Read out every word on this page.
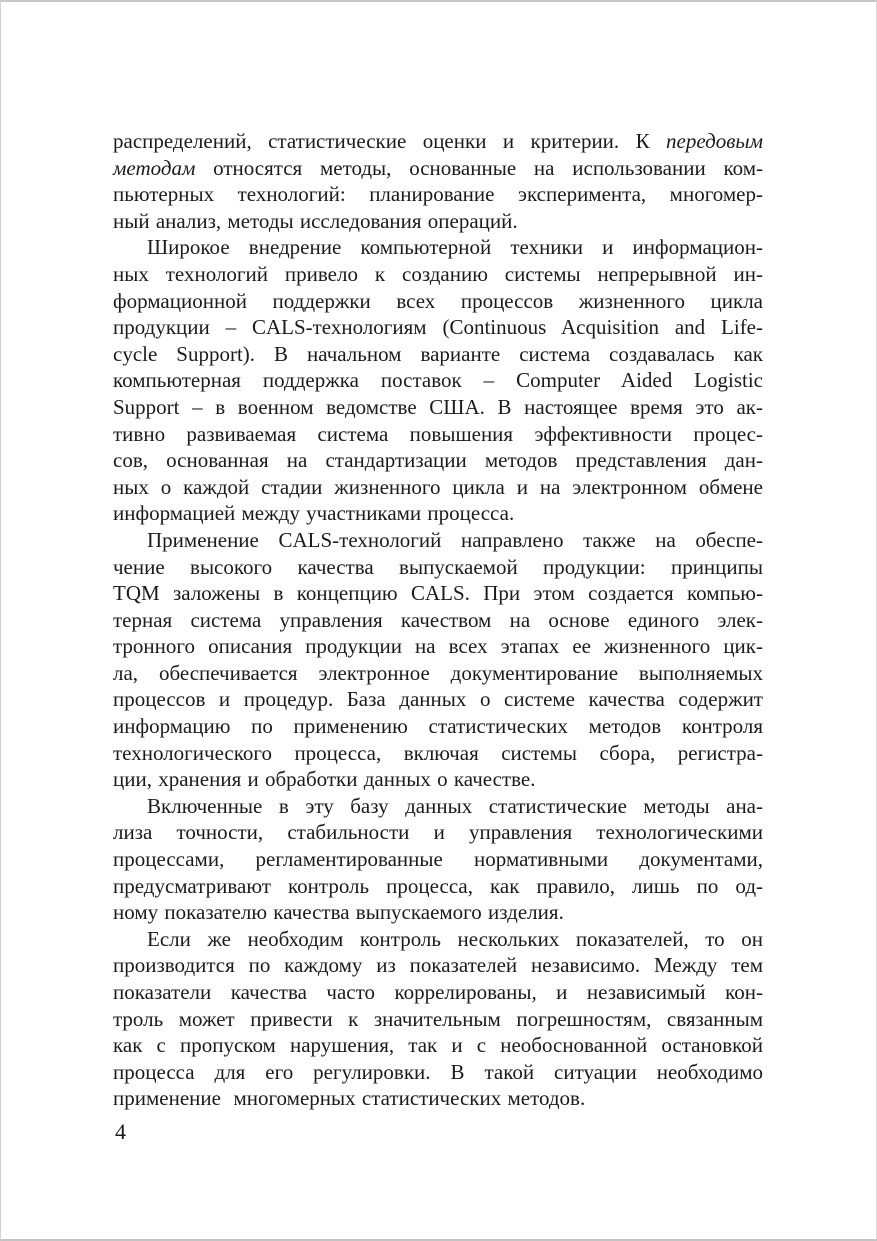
распределений, статистические оценки и критерии. К передовым
методам относятся методы, основанные на использовании ком-
пьютерных технологий: планирование эксперимента, многомер-
ный анализ, методы исследования операций.
Широкое внедрение компьютерной техники и информацион-
ных технологий привело к созданию системы непрерывной ин-
формационной поддержки всех процессов жизненного цикла
продукции – CALS-технологиям (Continuous Acquisition and Life-
cycle Support). В начальном варианте система создавалась как
компьютерная поддержка поставок – Computer Aided Logistic
Support – в военном ведомстве США. В настоящее время это ак-
тивно развиваемая система повышения эффективности процес-
сов, основанная на стандартизации методов представления дан-
ных о каждой стадии жизненного цикла и на электронном обмене
информацией между участниками процесса.
Применение CALS-технологий направлено также на обеспе-
чение высокого качества выпускаемой продукции: принципы
TQM заложены в концепцию CALS. При этом создается компью-
терная система управления качеством на основе единого элек-
тронного описания продукции на всех этапах ее жизненного цик-
ла, обеспечивается электронное документирование выполняемых
процессов и процедур. База данных о системе качества содержит
информацию по применению статистических методов контроля
технологического процесса, включая системы сбора, регистра-
ции, хранения и обработки данных о качестве.
Включенные в эту базу данных статистические методы ана-
лиза точности, стабильности и управления технологическими
процессами, регламентированные нормативными документами,
предусматривают контроль процесса, как правило, лишь по од-
ному показателю качества выпускаемого изделия.
Если же необходим контроль нескольких показателей, то он
производится по каждому из показателей независимо. Между тем
показатели качества часто коррелированы, и независимый кон-
троль может привести к значительным погрешностям, связанным
как с пропуском нарушения, так и с необоснованной остановкой
процесса для его регулировки. В такой ситуации необходимо
применение  многомерных статистических методов.
4
